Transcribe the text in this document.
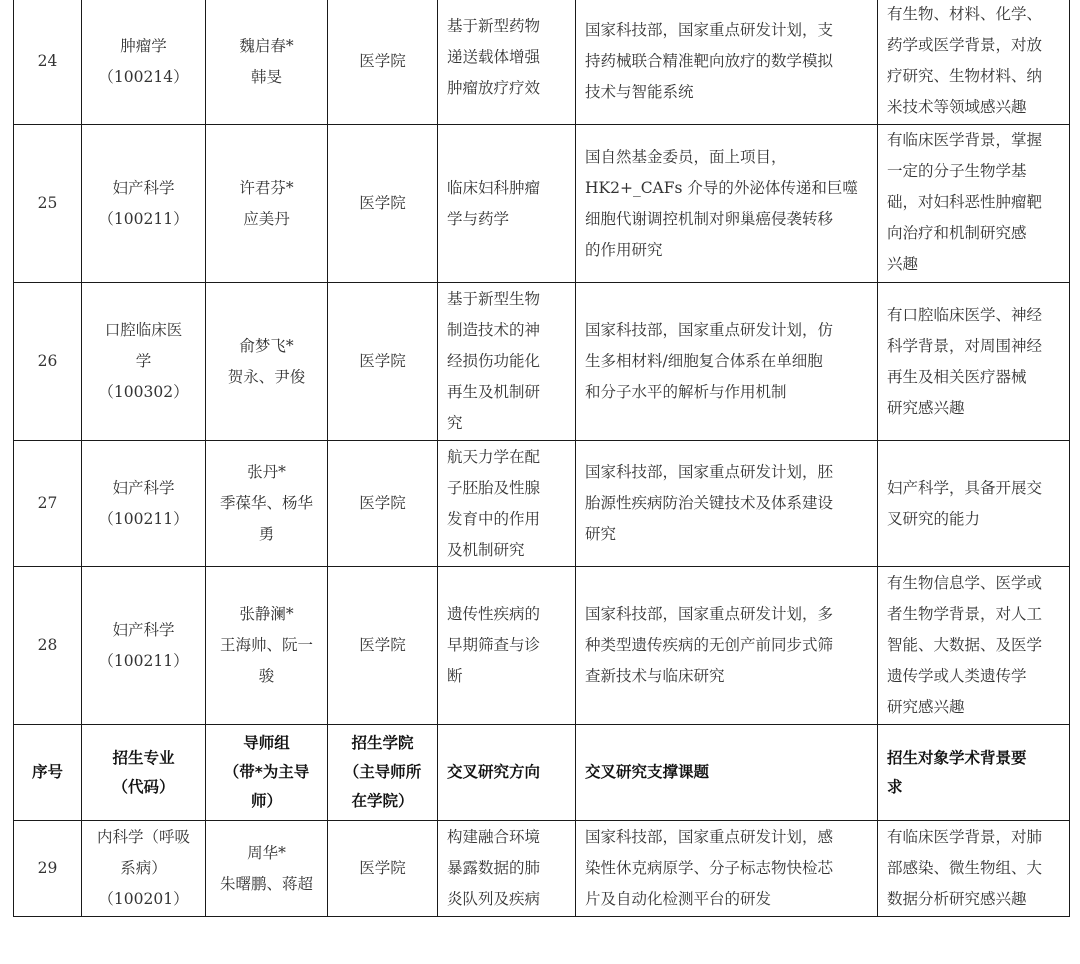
24	肿瘤学
（100214）	魏启春*
韩旻	医学院	基于新型药物
递送载体增强
肿瘤放疗疗效	国家科技部，国家重点研发计划，支
持药械联合精准靶向放疗的数学模拟
技术与智能系统	有生物、材料、化学、
药学或医学背景，对放
疗研究、生物材料、纳
米技术等领域感兴趣

25	妇产科学
（100211）	许君芬*
应美丹	医学院	临床妇科肿瘤
学与药学	国自然基金委员，面上项目，
HK2+_CAFs 介导的外泌体传递和巨噬
细胞代谢调控机制对卵巢癌侵袭转移
的作用研究	有临床医学背景，掌握
一定的分子生物学基
础，对妇科恶性肿瘤靶
向治疗和机制研究感
兴趣

26	口腔临床医
学
（100302）	俞梦飞*
贺永、尹俊	医学院	基于新型生物
制造技术的神
经损伤功能化
再生及机制研
究	国家科技部，国家重点研发计划，仿
生多相材料/细胞复合体系在单细胞
和分子水平的解析与作用机制	有口腔临床医学、神经
科学背景，对周围神经
再生及相关医疗器械
研究感兴趣

27	妇产科学
（100211）	张丹*
季葆华、杨华
勇	医学院	航天力学在配
子胚胎及性腺
发育中的作用
及机制研究	国家科技部，国家重点研发计划，胚
胎源性疾病防治关键技术及体系建设
研究	妇产科学，具备开展交
叉研究的能力

28	妇产科学
（100211）	张静澜*
王海帅、阮一
骏	医学院	遗传性疾病的
早期筛查与诊
断	国家科技部，国家重点研发计划，多
种类型遗传疾病的无创产前同步式筛
查新技术与临床研究	有生物信息学、医学或
者生物学背景，对人工
智能、大数据、及医学
遗传学或人类遗传学
研究感兴趣

序号	招生专业
（代码）	导师组
（带*为主导
师）	招生学院
（主导师所
在学院）	交叉研究方向	交叉研究支撑课题	招生对象学术背景要
求

29	内科学（呼吸
系病）
（100201）	周华*
朱曙鹏、蒋超	医学院	构建融合环境
暴露数据的肺
炎队列及疾病	国家科技部，国家重点研发计划，感
染性休克病原学、分子标志物快检芯
片及自动化检测平台的研发	有临床医学背景，对肺
部感染、微生物组、大
数据分析研究感兴趣
